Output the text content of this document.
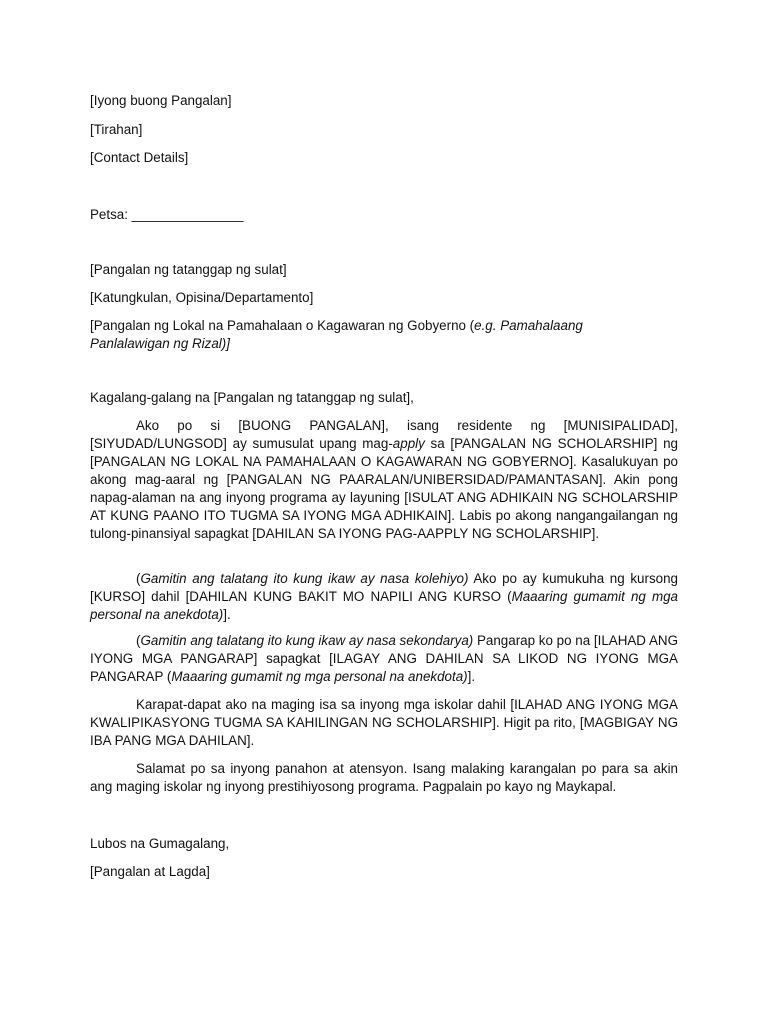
[Iyong buong Pangalan]
[Tirahan]
[Contact Details]
Petsa: _______________
[Pangalan ng tatanggap ng sulat]
[Katungkulan, Opisina/Departamento]
[Pangalan ng Lokal na Pamahalaan o Kagawaran ng Gobyerno (e.g. Pamahalaang Panlalawigan ng Rizal)]
Kagalang-galang na [Pangalan ng tatanggap ng sulat],
Ako po si [BUONG PANGALAN], isang residente ng [MUNISIPALIDAD], [SIYUDAD/LUNGSOD] ay sumusulat upang mag-apply sa [PANGALAN NG SCHOLARSHIP] ng [PANGALAN NG LOKAL NA PAMAHALAAN O KAGAWARAN NG GOBYERNO]. Kasalukuyan po akong mag-aaral ng [PANGALAN NG PAARALAN/UNIBERSIDAD/PAMANTASAN]. Akin pong napag-alaman na ang inyong programa ay layuning [ISULAT ANG ADHIKAIN NG SCHOLARSHIP AT KUNG PAANO ITO TUGMA SA IYONG MGA ADHIKAIN]. Labis po akong nangangailangan ng tulong-pinansiyal sapagkat [DAHILAN SA IYONG PAG-AAPPLY NG SCHOLARSHIP].
(Gamitin ang talatang ito kung ikaw ay nasa kolehiyo) Ako po ay kumukuha ng kursong [KURSO] dahil [DAHILAN KUNG BAKIT MO NAPILI ANG KURSO (Maaaring gumamit ng mga personal na anekdota)].
(Gamitin ang talatang ito kung ikaw ay nasa sekondarya) Pangarap ko po na [ILAHAD ANG IYONG MGA PANGARAP] sapagkat [ILAGAY ANG DAHILAN SA LIKOD NG IYONG MGA PANGARAP (Maaaring gumamit ng mga personal na anekdota)].
Karapat-dapat ako na maging isa sa inyong mga iskolar dahil [ILAHAD ANG IYONG MGA KWALIPIKASYONG TUGMA SA KAHILINGAN NG SCHOLARSHIP]. Higit pa rito, [MAGBIGAY NG IBA PANG MGA DAHILAN].
Salamat po sa inyong panahon at atensyon. Isang malaking karangalan po para sa akin ang maging iskolar ng inyong prestihiyosong programa. Pagpalain po kayo ng Maykapal.
Lubos na Gumagalang,
[Pangalan at Lagda]
